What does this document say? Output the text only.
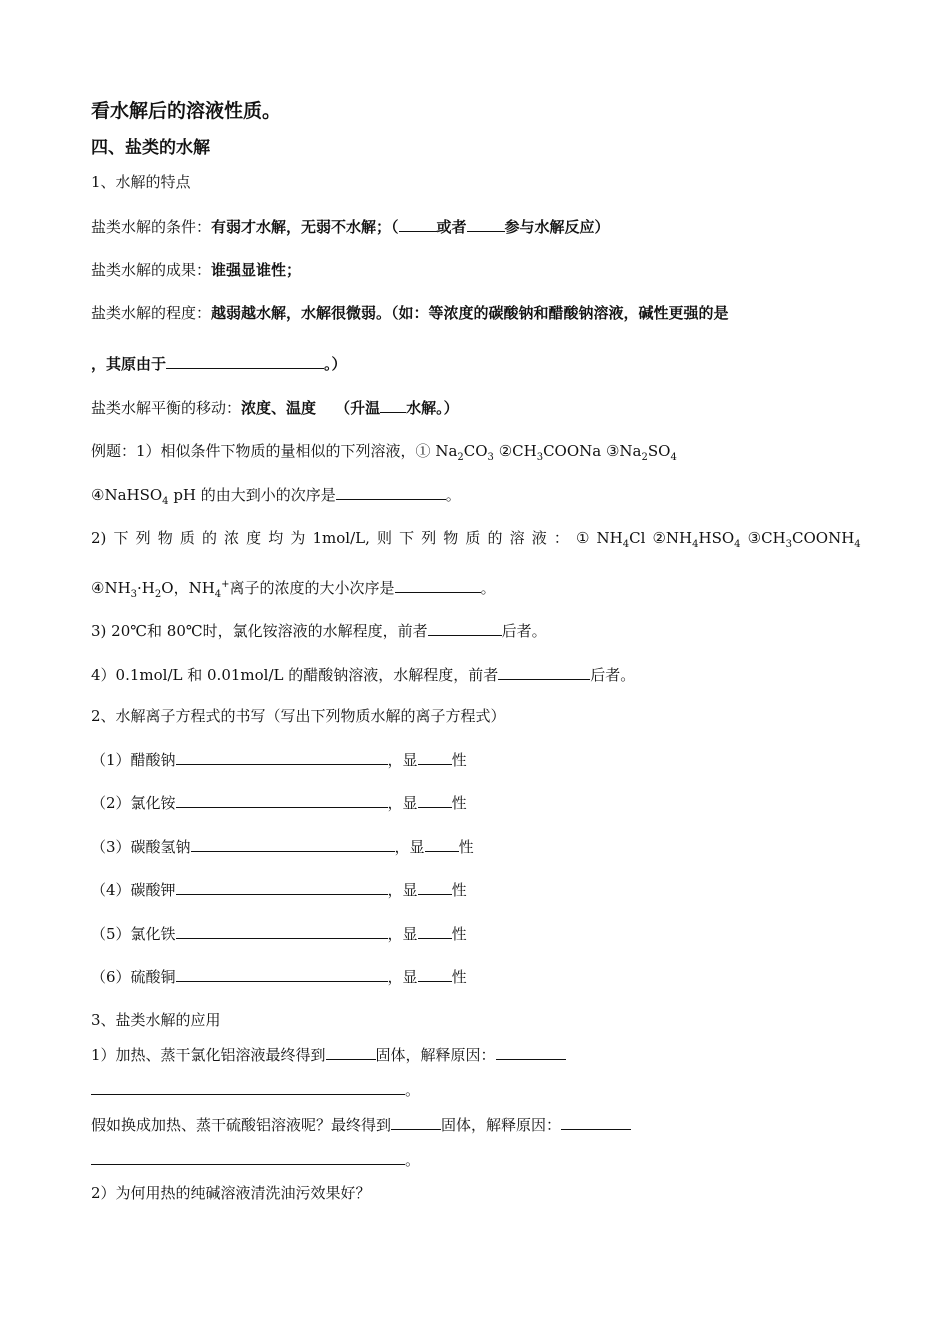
看水解后的溶液性质。
四、盐类的水解
1、水解的特点
盐类水解的条件：有弱才水解，无弱不水解；（	或者	参与水解反应）
盐类水解的成果：谁强显谁性；
盐类水解的程度：越弱越水解，水解很微弱。（如：等浓度的碳酸钠和醋酸钠溶液，碱性更强的是
，其原由于	。）
盐类水解平衡的移动：浓度、温度 （升温 水解。）
例题：1）相似条件下物质的量相似的下列溶液，① $Na_2CO_3$ $②CH_3COONa$ $③Na_2SO_4$
④NaHSO$_4$ pH 的由大到小的次序是	。
2) 下 列 物 质 的 浓 度 均 为 1mol/L, 则 下 列 物 质 的 溶 液 ： ① $NH_4Cl$ $②NH_4HSO_4$ $③CH_3COONH_4$
$④NH_3\cdot H_2O$，$NH_4^+$离子的浓度的大小次序是	。
3) 20℃和 80℃时，氯化铵溶液的水解程度，前者	后者。
4）0.1mol/L 和 0.01mol/L 的醋酸钠溶液，水解程度，前者	后者。
2、水解离子方程式的书写（写出下列物质水解的离子方程式）
（1）醋酸钠	，显 性
（2）氯化铵	，显 性
（3）碳酸氢钠	，显 性
（4）碳酸钾	，显 性
（5）氯化铁	，显 性
（6）硫酸铜	，显 性
3、盐类水解的应用
1）加热、蒸干氯化铝溶液最终得到	固体，解释原因：
。
假如换成加热、蒸干硫酸铝溶液呢？最终得到	固体，解释原因：
。
2）为何用热的纯碱溶液清洗油污效果好？
